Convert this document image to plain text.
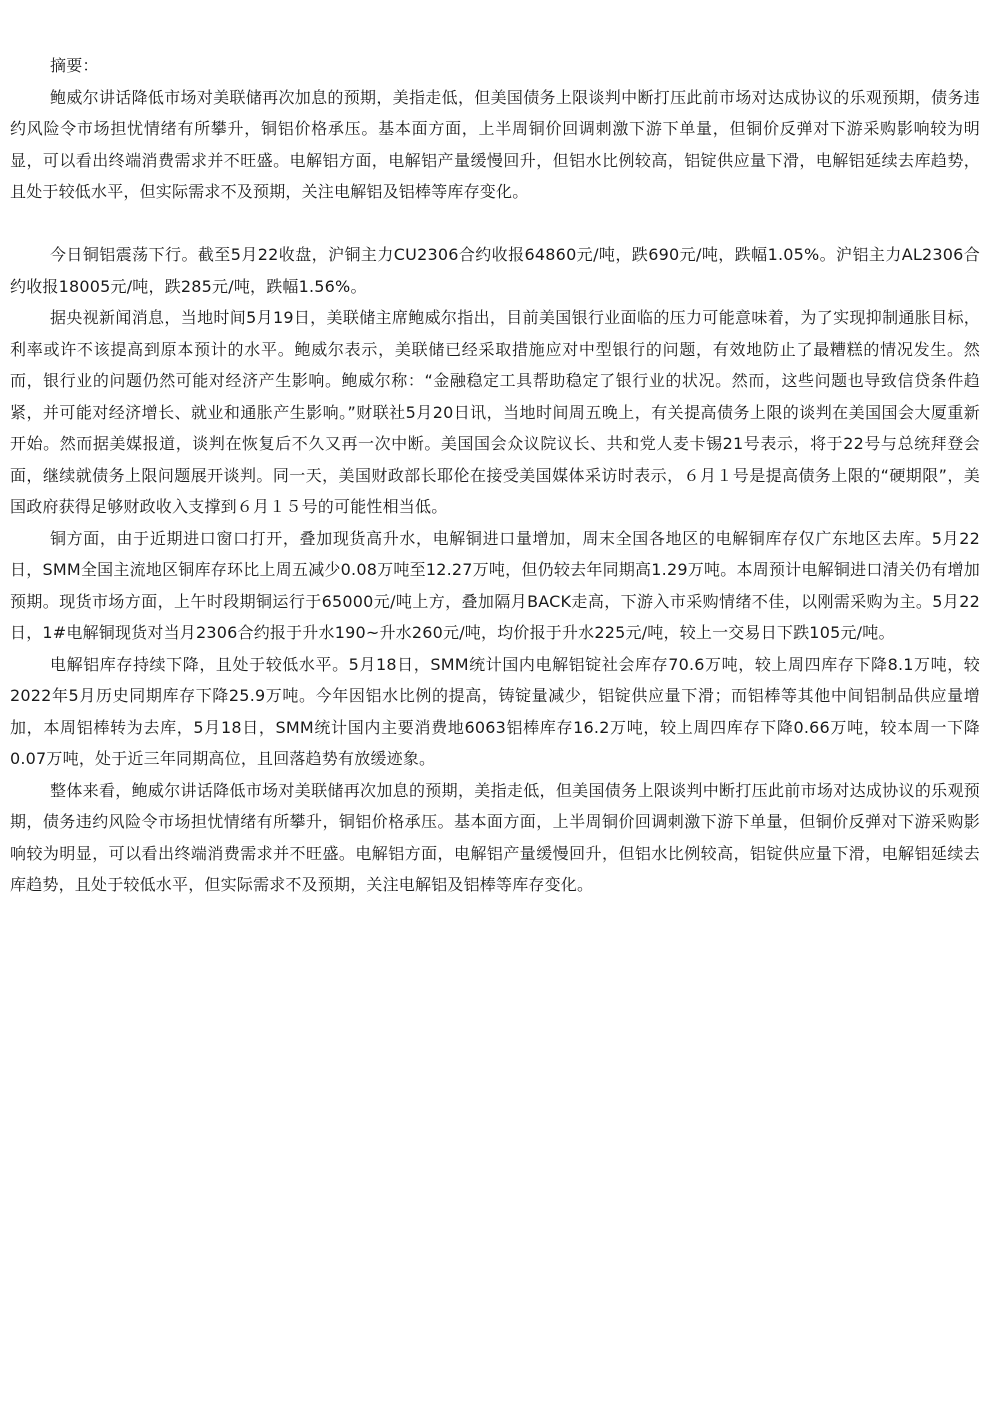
摘要：

鲍威尔讲话降低市场对美联储再次加息的预期，美指走低，但美国债务上限谈判中断打压此前市场对达成协议的乐观预期，债务违约风险令市场担忧情绪有所攀升，铜铝价格承压。基本面方面，上半周铜价回调刺激下游下单量，但铜价反弹对下游采购影响较为明显，可以看出终端消费需求并不旺盛。电解铝方面，电解铝产量缓慢回升，但铝水比例较高，铝锭供应量下滑，电解铝延续去库趋势，且处于较低水平，但实际需求不及预期，关注电解铝及铝棒等库存变化。

今日铜铝震荡下行。截至5月22收盘，沪铜主力CU2306合约收报64860元/吨，跌690元/吨，跌幅1.05%。沪铝主力AL2306合约收报18005元/吨，跌285元/吨，跌幅1.56%。

据央视新闻消息，当地时间5月19日，美联储主席鲍威尔指出，目前美国银行业面临的压力可能意味着，为了实现抑制通胀目标，利率或许不该提高到原本预计的水平。鲍威尔表示，美联储已经采取措施应对中型银行的问题，有效地防止了最糟糕的情况发生。然而，银行业的问题仍然可能对经济产生影响。鲍威尔称：“金融稳定工具帮助稳定了银行业的状况。然而，这些问题也导致信贷条件趋紧，并可能对经济增长、就业和通胀产生影响。”财联社5月20日讯，当地时间周五晚上，有关提高债务上限的谈判在美国国会大厦重新开始。然而据美媒报道，谈判在恢复后不久又再一次中断。美国国会众议院议长、共和党人麦卡锡21号表示，将于22号与总统拜登会面，继续就债务上限问题展开谈判。同一天，美国财政部长耶伦在接受美国媒体采访时表示，６月１号是提高债务上限的“硬期限”，美国政府获得足够财政收入支撑到６月１５号的可能性相当低。

铜方面，由于近期进口窗口打开，叠加现货高升水，电解铜进口量增加，周末全国各地区的电解铜库存仅广东地区去库。5月22日，SMM全国主流地区铜库存环比上周五减少0.08万吨至12.27万吨，但仍较去年同期高1.29万吨。本周预计电解铜进口清关仍有增加预期。现货市场方面，上午时段期铜运行于65000元/吨上方，叠加隔月BACK走高，下游入市采购情绪不佳，以刚需采购为主。5月22日，1#电解铜现货对当月2306合约报于升水190~升水260元/吨，均价报于升水225元/吨，较上一交易日下跌105元/吨。

电解铝库存持续下降，且处于较低水平。5月18日，SMM统计国内电解铝锭社会库存70.6万吨，较上周四库存下降8.1万吨，较2022年5月历史同期库存下降25.9万吨。今年因铝水比例的提高，铸锭量减少，铝锭供应量下滑；而铝棒等其他中间铝制品供应量增加，本周铝棒转为去库，5月18日，SMM统计国内主要消费地6063铝棒库存16.2万吨，较上周四库存下降0.66万吨，较本周一下降0.07万吨，处于近三年同期高位，且回落趋势有放缓迹象。

整体来看，鲍威尔讲话降低市场对美联储再次加息的预期，美指走低，但美国债务上限谈判中断打压此前市场对达成协议的乐观预期，债务违约风险令市场担忧情绪有所攀升，铜铝价格承压。基本面方面，上半周铜价回调刺激下游下单量，但铜价反弹对下游采购影响较为明显，可以看出终端消费需求并不旺盛。电解铝方面，电解铝产量缓慢回升，但铝水比例较高，铝锭供应量下滑，电解铝延续去库趋势，且处于较低水平，但实际需求不及预期，关注电解铝及铝棒等库存变化。
